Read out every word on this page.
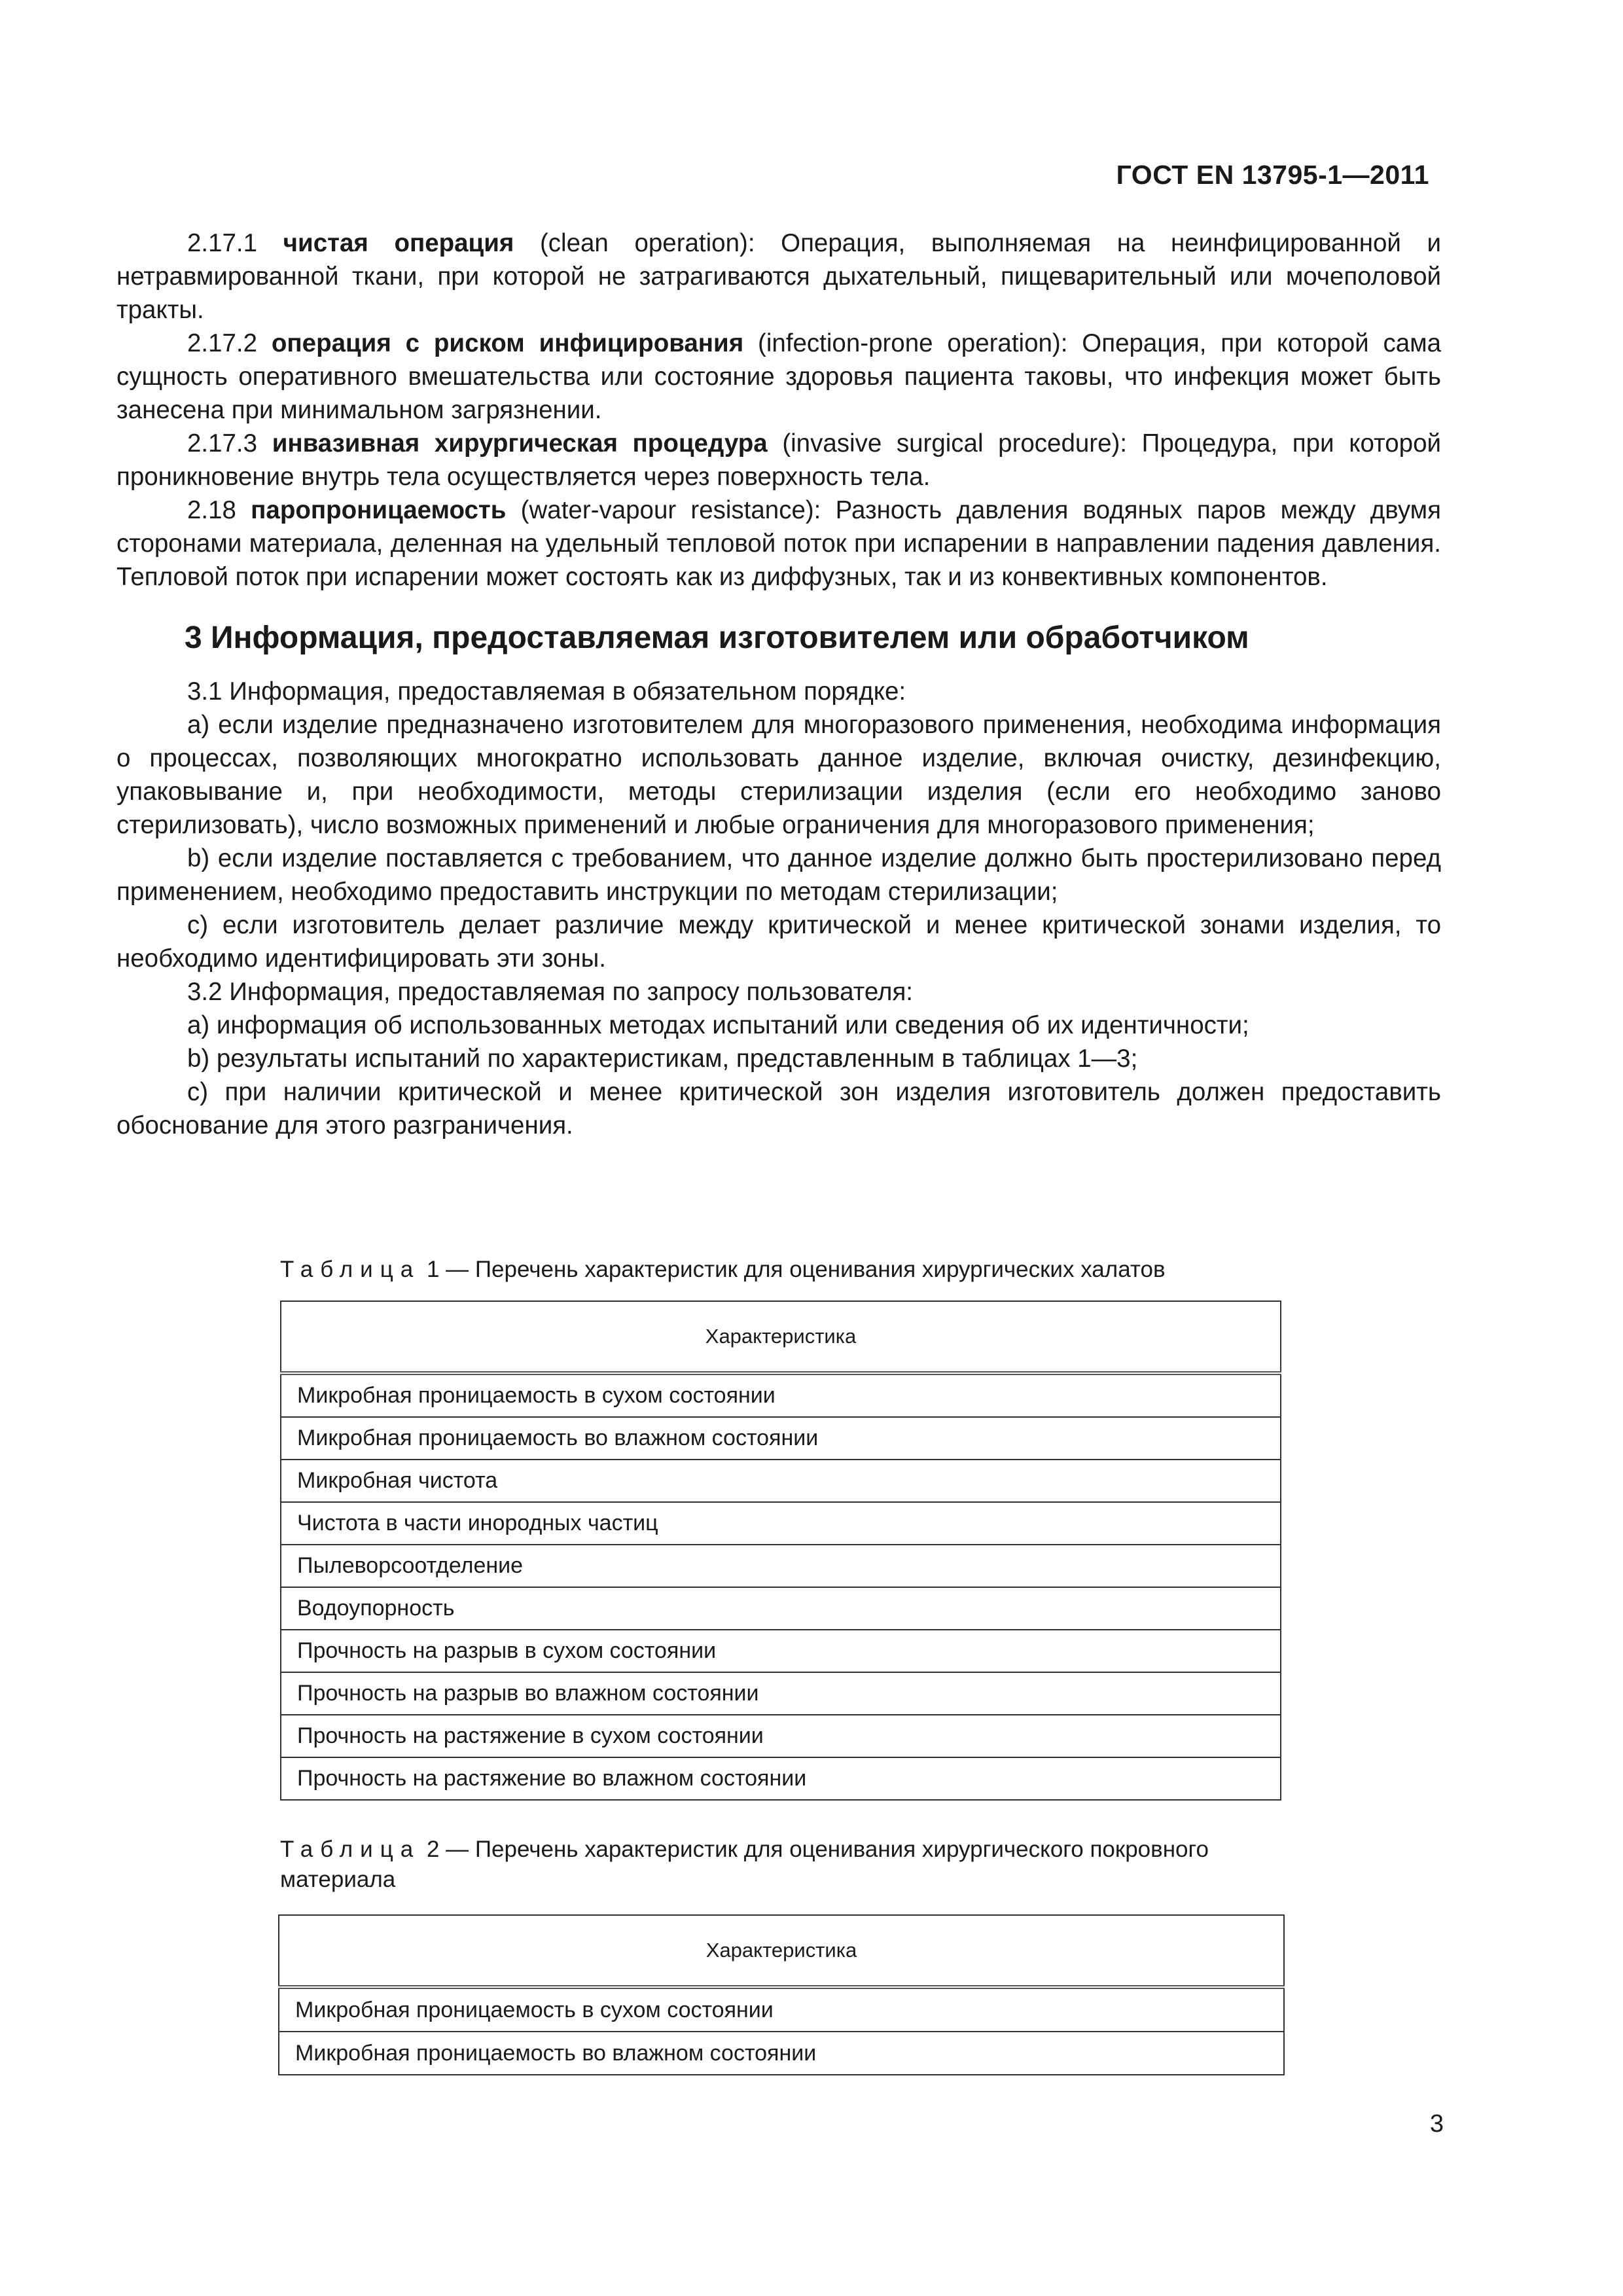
ГОСТ EN 13795-1—2011

2.17.1 чистая операция (clean operation): Операция, выполняемая на неинфицированной и нетравмированной ткани, при которой не затрагиваются дыхательный, пищеварительный или мочеполовой тракты.

2.17.2 операция с риском инфицирования (infection-prone operation): Операция, при которой сама сущность оперативного вмешательства или состояние здоровья пациента таковы, что инфекция может быть занесена при минимальном загрязнении.

2.17.3 инвазивная хирургическая процедура (invasive surgical procedure): Процедура, при которой проникновение внутрь тела осуществляется через поверхность тела.

2.18 паропроницаемость (water-vapour resistance): Разность давления водяных паров между двумя сторонами материала, деленная на удельный тепловой поток при испарении в направлении падения давления. Тепловой поток при испарении может состоять как из диффузных, так и из конвективных компонентов.

3 Информация, предоставляемая изготовителем или обработчиком

3.1 Информация, предоставляемая в обязательном порядке:

a) если изделие предназначено изготовителем для многоразового применения, необходима информация о процессах, позволяющих многократно использовать данное изделие, включая очистку, дезинфекцию, упаковывание и, при необходимости, методы стерилизации изделия (если его необходимо заново стерилизовать), число возможных применений и любые ограничения для многоразового применения;

b) если изделие поставляется с требованием, что данное изделие должно быть простерилизовано перед применением, необходимо предоставить инструкции по методам стерилизации;

c) если изготовитель делает различие между критической и менее критической зонами изделия, то необходимо идентифицировать эти зоны.

3.2 Информация, предоставляемая по запросу пользователя:

a) информация об использованных методах испытаний или сведения об их идентичности;

b) результаты испытаний по характеристикам, представленным в таблицах 1—3;

c) при наличии критической и менее критической зон изделия изготовитель должен предоставить обоснование для этого разграничения.

Таблица 1 — Перечень характеристик для оценивания хирургических халатов
Характеристика
Микробная проницаемость в сухом состоянии
Микробная проницаемость во влажном состоянии
Микробная чистота
Чистота в части инородных частиц
Пылеворсоотделение
Водоупорность
Прочность на разрыв в сухом состоянии
Прочность на разрыв во влажном состоянии
Прочность на растяжение в сухом состоянии
Прочность на растяжение во влажном состоянии
Таблица 2 — Перечень характеристик для оценивания хирургического покровного материала
Характеристика
Микробная проницаемость в сухом состоянии
Микробная проницаемость во влажном состоянии
3
